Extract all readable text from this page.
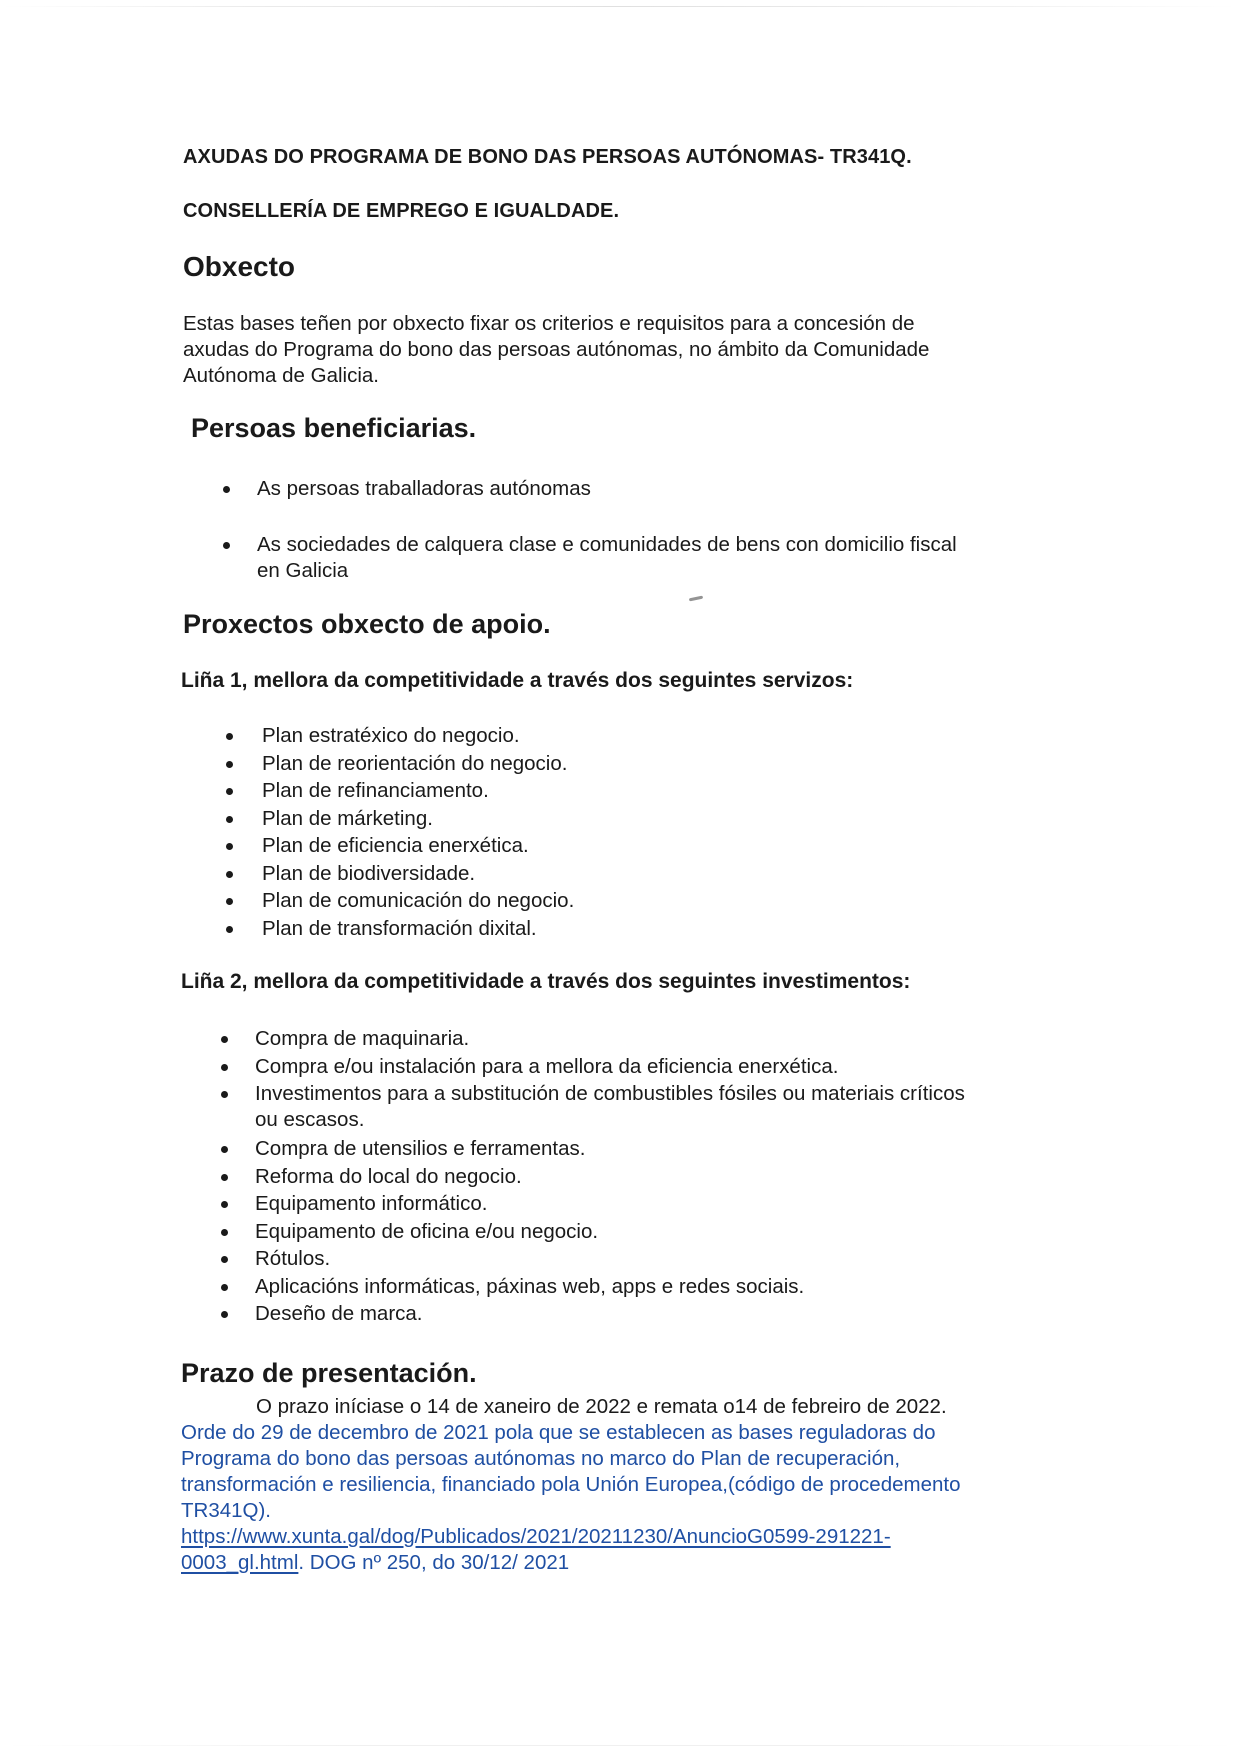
AXUDAS DO PROGRAMA DE BONO DAS PERSOAS AUTÓNOMAS- TR341Q.

CONSELLERÍA DE EMPREGO E IGUALDADE.

Obxecto

Estas bases teñen por obxecto fixar os criterios e requisitos para a concesión de

axudas do Programa do bono das persoas autónomas, no ámbito da Comunidade

Autónoma de Galicia.

Persoas beneficiarias.

As persoas traballadoras autónomas

As sociedades de calquera clase e comunidades de bens con domicilio fiscal

en Galicia

Proxectos obxecto de apoio.

Liña 1, mellora da competitividade a través dos seguintes servizos:

Plan estratéxico do negocio.

Plan de reorientación do negocio.

Plan de refinanciamento.

Plan de márketing.

Plan de eficiencia enerxética.

Plan de biodiversidade.

Plan de comunicación do negocio.

Plan de transformación dixital.

Liña 2, mellora da competitividade a través dos seguintes investimentos:

Compra de maquinaria.

Compra e/ou instalación para a mellora da eficiencia enerxética.

Investimentos para a substitución de combustibles fósiles ou materiais críticos

ou escasos.

Compra de utensilios e ferramentas.

Reforma do local do negocio.

Equipamento informático.

Equipamento de oficina e/ou negocio.

Rótulos.

Aplicacións informáticas, páxinas web, apps e redes sociais.

Deseño de marca.

Prazo de presentación.

O prazo iníciase o 14 de xaneiro de 2022 e remata o14 de febreiro de 2022.

Orde do 29 de decembro de 2021 pola que se establecen as bases reguladoras do

Programa do bono das persoas autónomas no marco do Plan de recuperación,

transformación e resiliencia, financiado pola Unión Europea,(código de procedemento

TR341Q).

https://www.xunta.gal/dog/Publicados/2021/20211230/AnuncioG0599-291221-

0003_gl.html. DOG nº 250, do 30/12/ 2021
